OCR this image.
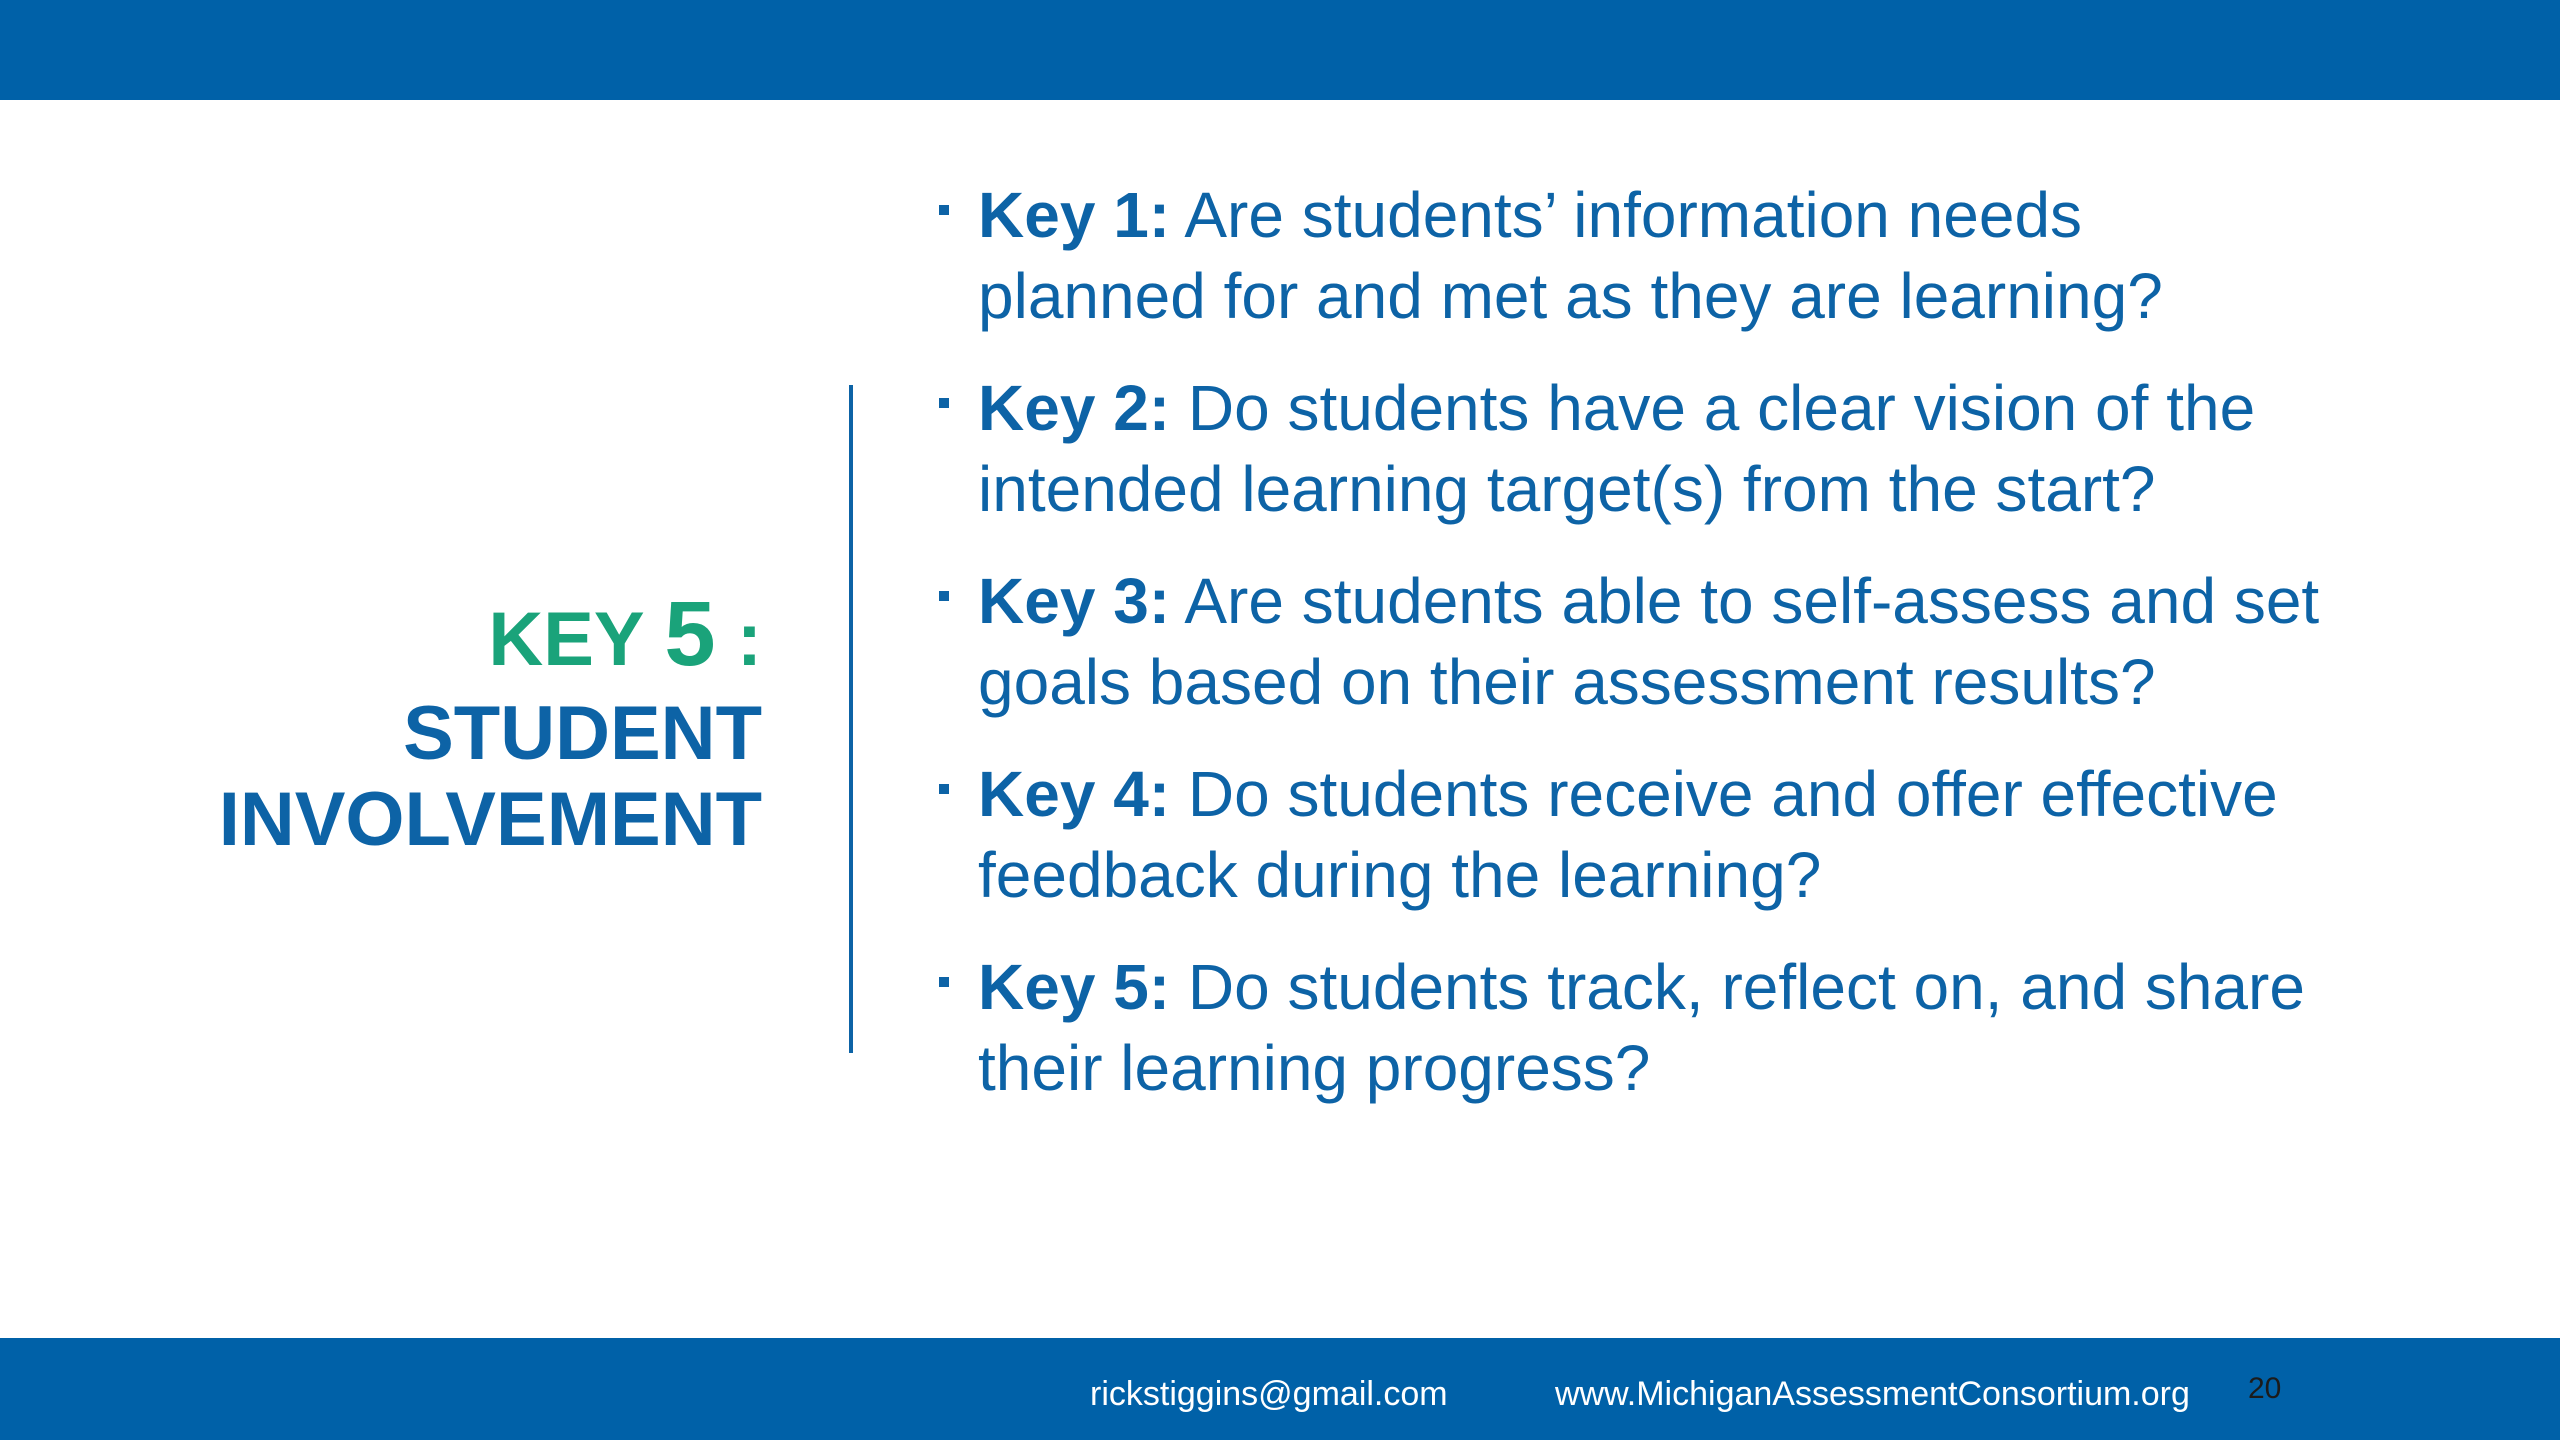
KEY 5 :
STUDENT
INVOLVEMENT
Key 1: Are students’ information needs planned for and met as they are learning?
Key 2: Do students have a clear vision of the intended learning target(s) from the start?
Key 3: Are students able to self-assess and set goals based on their assessment results?
Key 4: Do students receive and offer effective feedback during the learning?
Key 5: Do students track, reflect on, and share their learning progress?
rickstiggins@gmail.com	www.MichiganAssessmentConsortium.org 20
